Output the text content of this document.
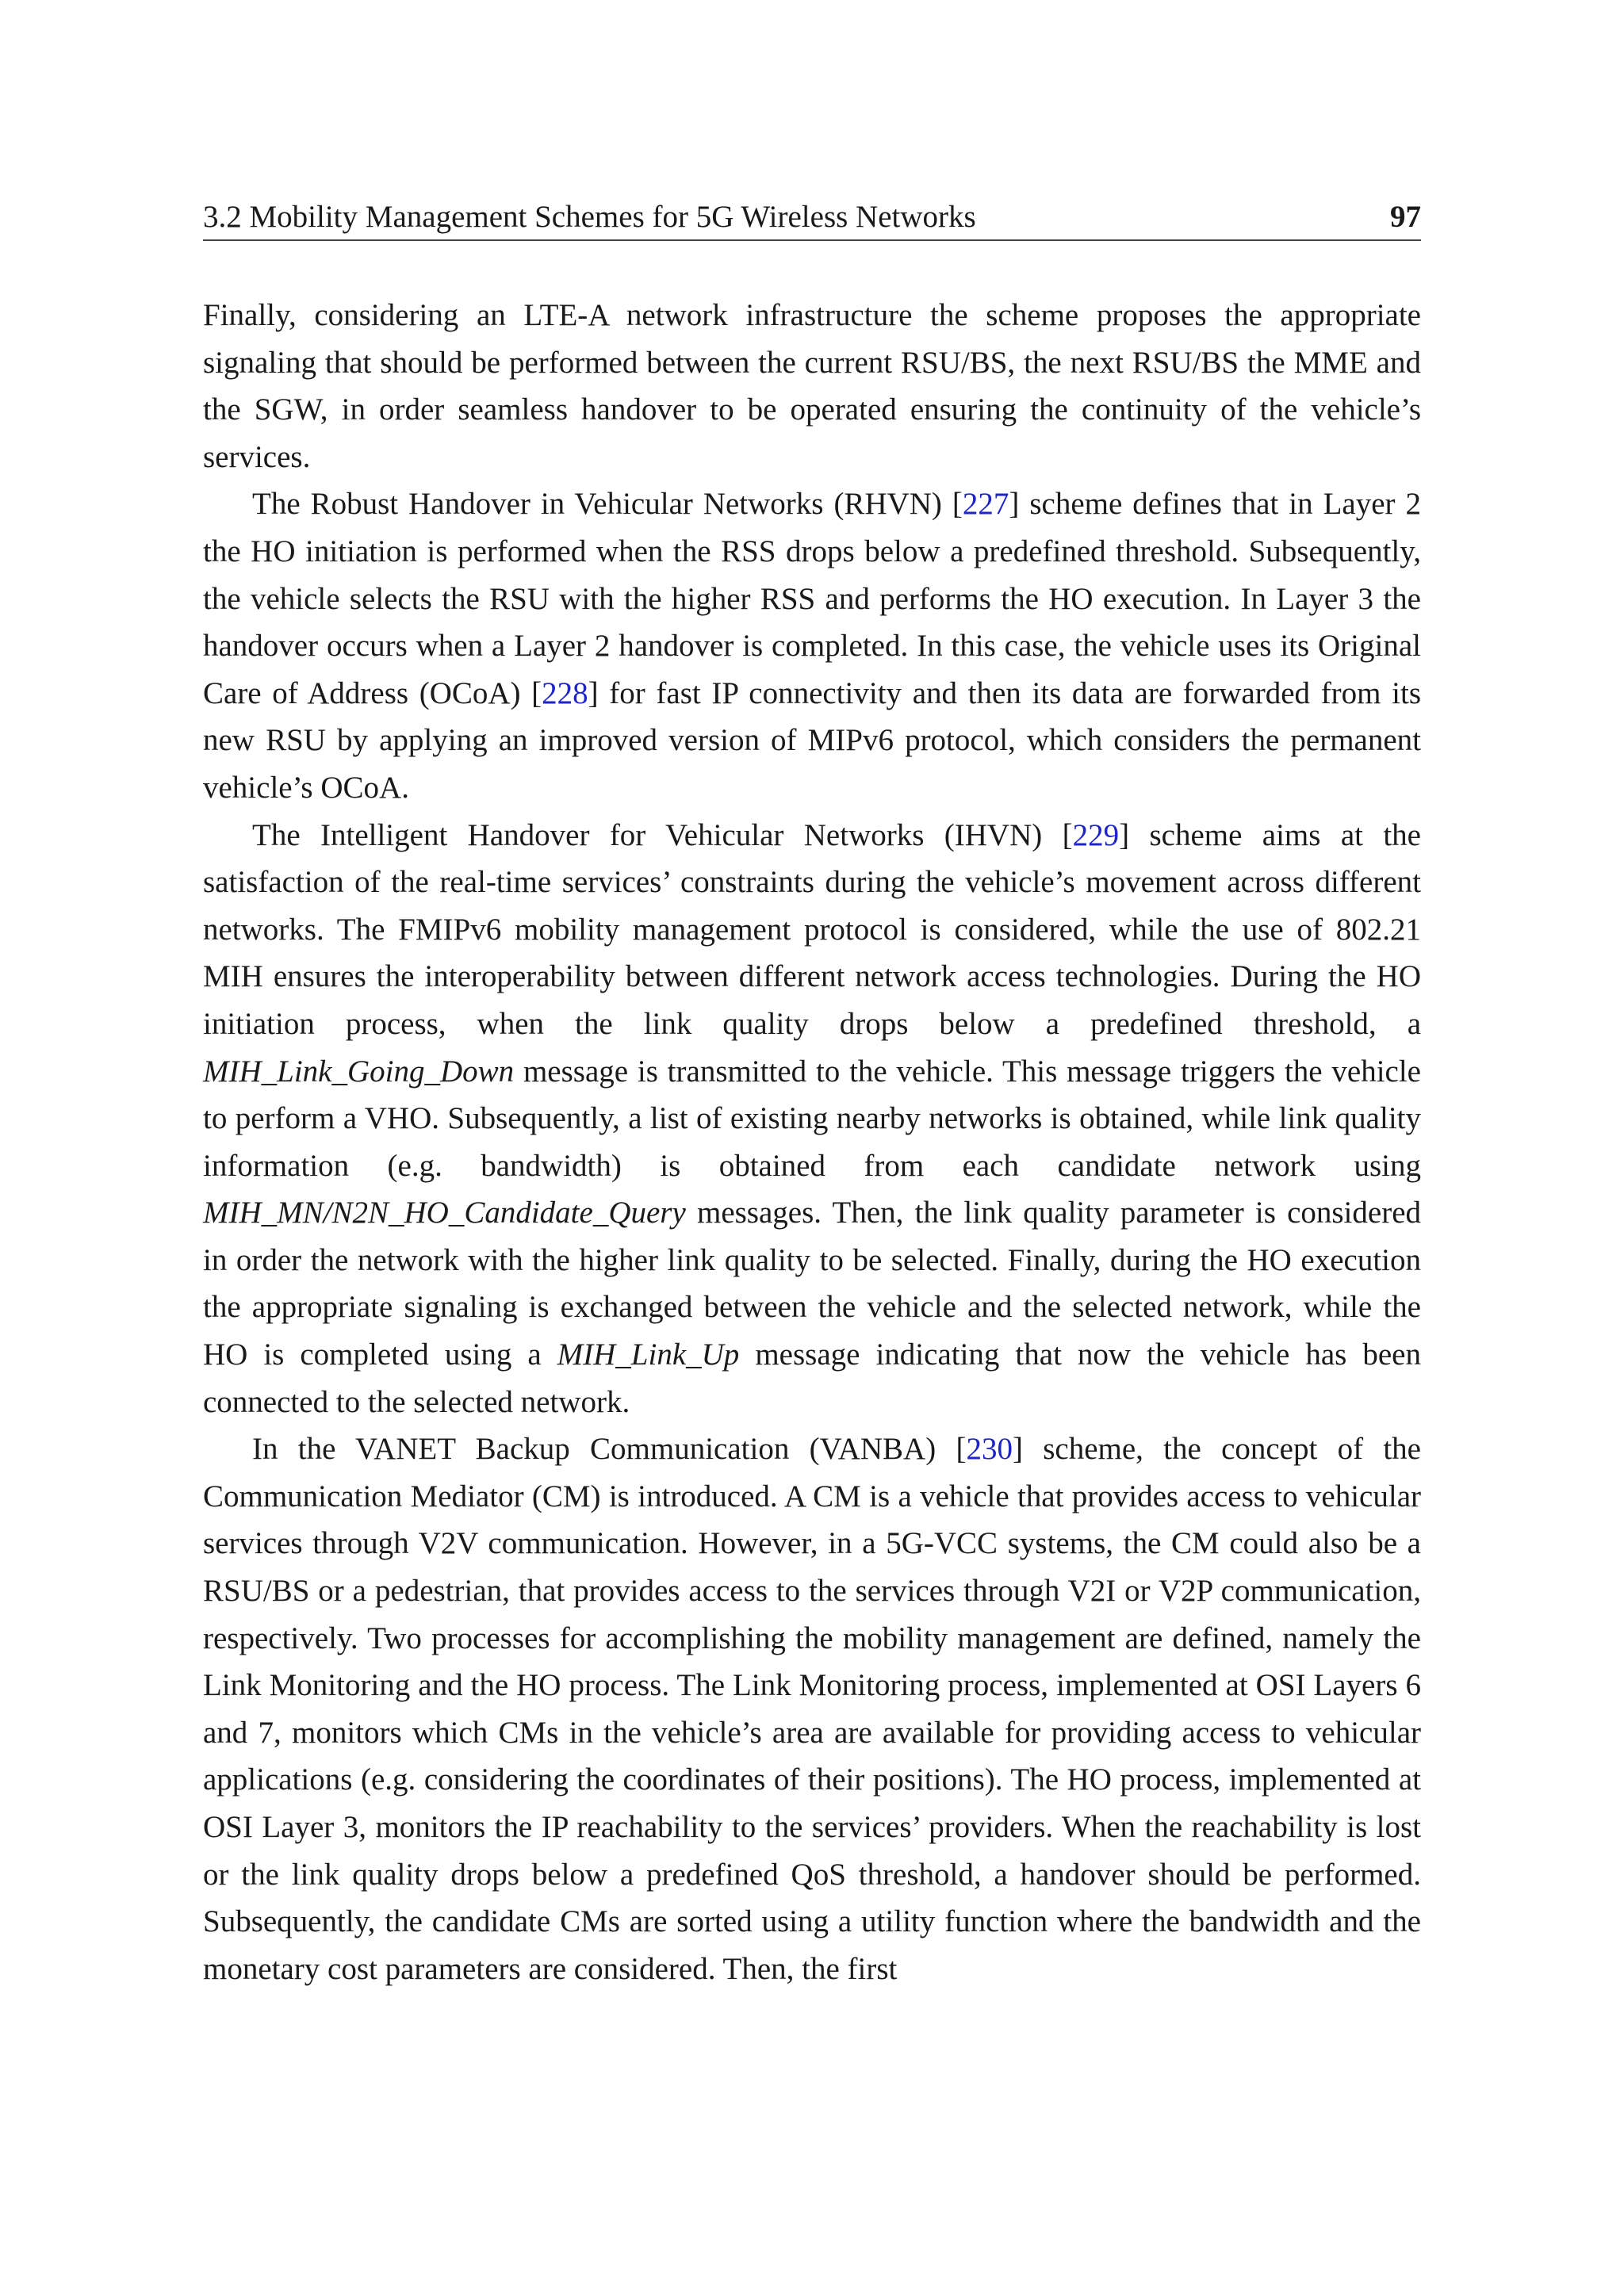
3.2 Mobility Management Schemes for 5G Wireless Networks	97

Finally, considering an LTE-A network infrastructure the scheme proposes the appropriate signaling that should be performed between the current RSU/BS, the next RSU/BS the MME and the SGW, in order seamless handover to be operated ensuring the continuity of the vehicle’s services.

The Robust Handover in Vehicular Networks (RHVN) [227] scheme defines that in Layer 2 the HO initiation is performed when the RSS drops below a predefined threshold. Subsequently, the vehicle selects the RSU with the higher RSS and performs the HO execution. In Layer 3 the handover occurs when a Layer 2 handover is completed. In this case, the vehicle uses its Original Care of Address (OCoA) [228] for fast IP connectivity and then its data are forwarded from its new RSU by applying an improved version of MIPv6 protocol, which considers the permanent vehicle’s OCoA.

The Intelligent Handover for Vehicular Networks (IHVN) [229] scheme aims at the satisfaction of the real-time services’ constraints during the vehicle’s movement across different networks. The FMIPv6 mobility management protocol is considered, while the use of 802.21 MIH ensures the interoperability between different network access technologies. During the HO initiation process, when the link quality drops below a predefined threshold, a MIH_Link_Going_Down message is transmitted to the vehicle. This message triggers the vehicle to perform a VHO. Subsequently, a list of existing nearby networks is obtained, while link quality information (e.g. bandwidth) is obtained from each candidate network using MIH_MN/N2N_HO_Candidate_Query messages. Then, the link quality parameter is considered in order the network with the higher link quality to be selected. Finally, during the HO execution the appropriate signaling is exchanged between the vehicle and the selected network, while the HO is completed using a MIH_Link_Up message indicating that now the vehicle has been connected to the selected network.

In the VANET Backup Communication (VANBA) [230] scheme, the concept of the Communication Mediator (CM) is introduced. A CM is a vehicle that provides access to vehicular services through V2V communication. However, in a 5G-VCC systems, the CM could also be a RSU/BS or a pedestrian, that provides access to the services through V2I or V2P communication, respectively. Two processes for accomplishing the mobility management are defined, namely the Link Monitoring and the HO process. The Link Monitoring process, implemented at OSI Layers 6 and 7, monitors which CMs in the vehicle’s area are available for providing access to vehicular applications (e.g. considering the coordinates of their positions). The HO process, implemented at OSI Layer 3, monitors the IP reachability to the services’ providers. When the reachability is lost or the link quality drops below a predefined QoS threshold, a handover should be performed. Subsequently, the candidate CMs are sorted using a utility function where the bandwidth and the monetary cost parameters are considered. Then, the first
